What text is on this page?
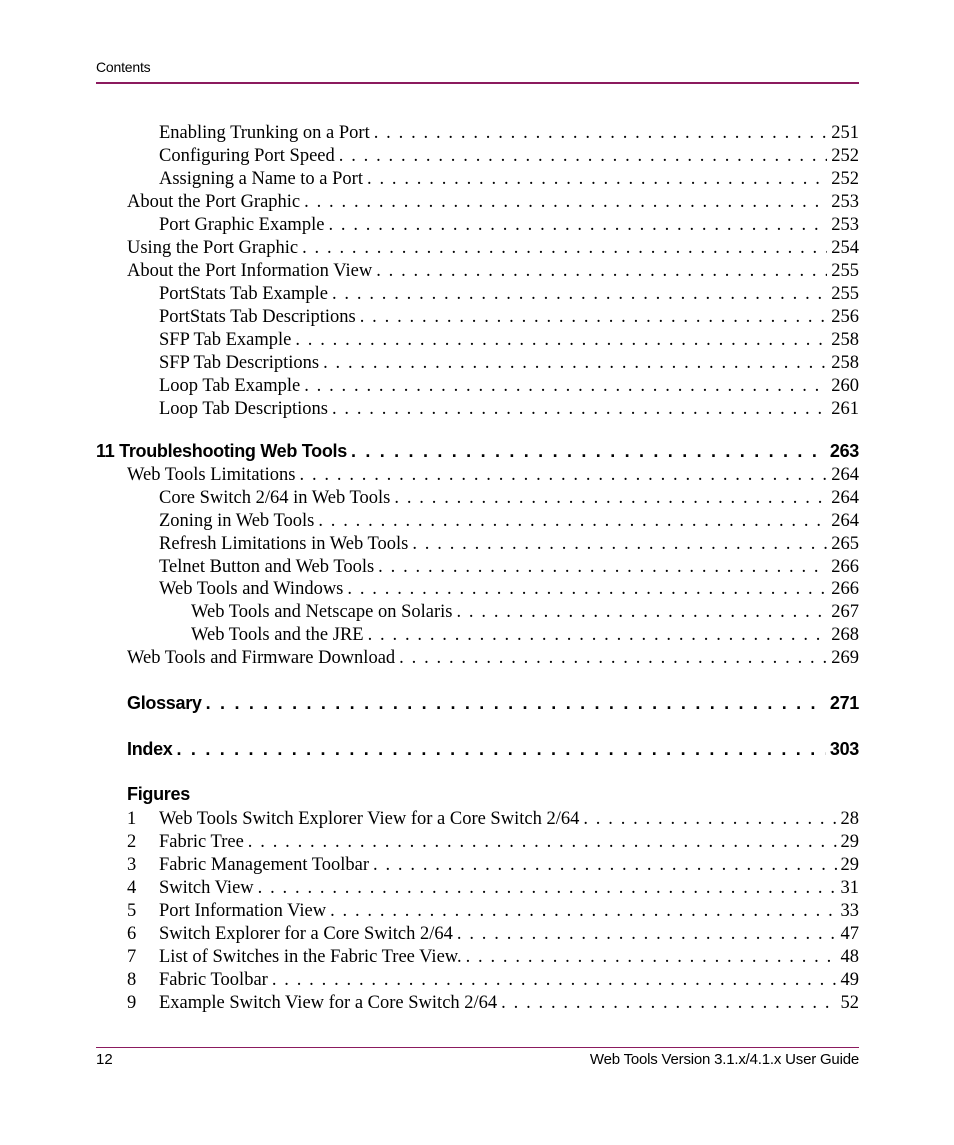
Contents
Enabling Trunking on a Port . . .	251
Configuring Port Speed . . .	252
Assigning a Name to a Port . . .	252
About the Port Graphic . . .	253
Port Graphic Example . . .	253
Using the Port Graphic . . .	254
About the Port Information View . . .	255
PortStats Tab Example . . .	255
PortStats Tab Descriptions . . .	256
SFP Tab Example . . .	258
SFP Tab Descriptions . . .	258
Loop Tab Example . . .	260
Loop Tab Descriptions . . .	261
11 Troubleshooting Web Tools . . .	263
Web Tools Limitations . . .	264
Core Switch 2/64 in Web Tools . . .	264
Zoning in Web Tools . . .	264
Refresh Limitations in Web Tools . . .	265
Telnet Button and Web Tools . . .	266
Web Tools and Windows . . .	266
Web Tools and Netscape on Solaris . . .	267
Web Tools and the JRE . . .	268
Web Tools and Firmware Download . . .	269
Glossary . . .	271
Index . . .	303
Figures
1 Web Tools Switch Explorer View for a Core Switch 2/64 . . .	28
2 Fabric Tree . . .	29
3 Fabric Management Toolbar . . .	29
4 Switch View . . .	31
5 Port Information View . . .	33
6 Switch Explorer for a Core Switch 2/64 . . .	47
7 List of Switches in the Fabric Tree View. . . .	48
8 Fabric Toolbar . . .	49
9 Example Switch View for a Core Switch 2/64 . . .	52
12	Web Tools Version 3.1.x/4.1.x User Guide
